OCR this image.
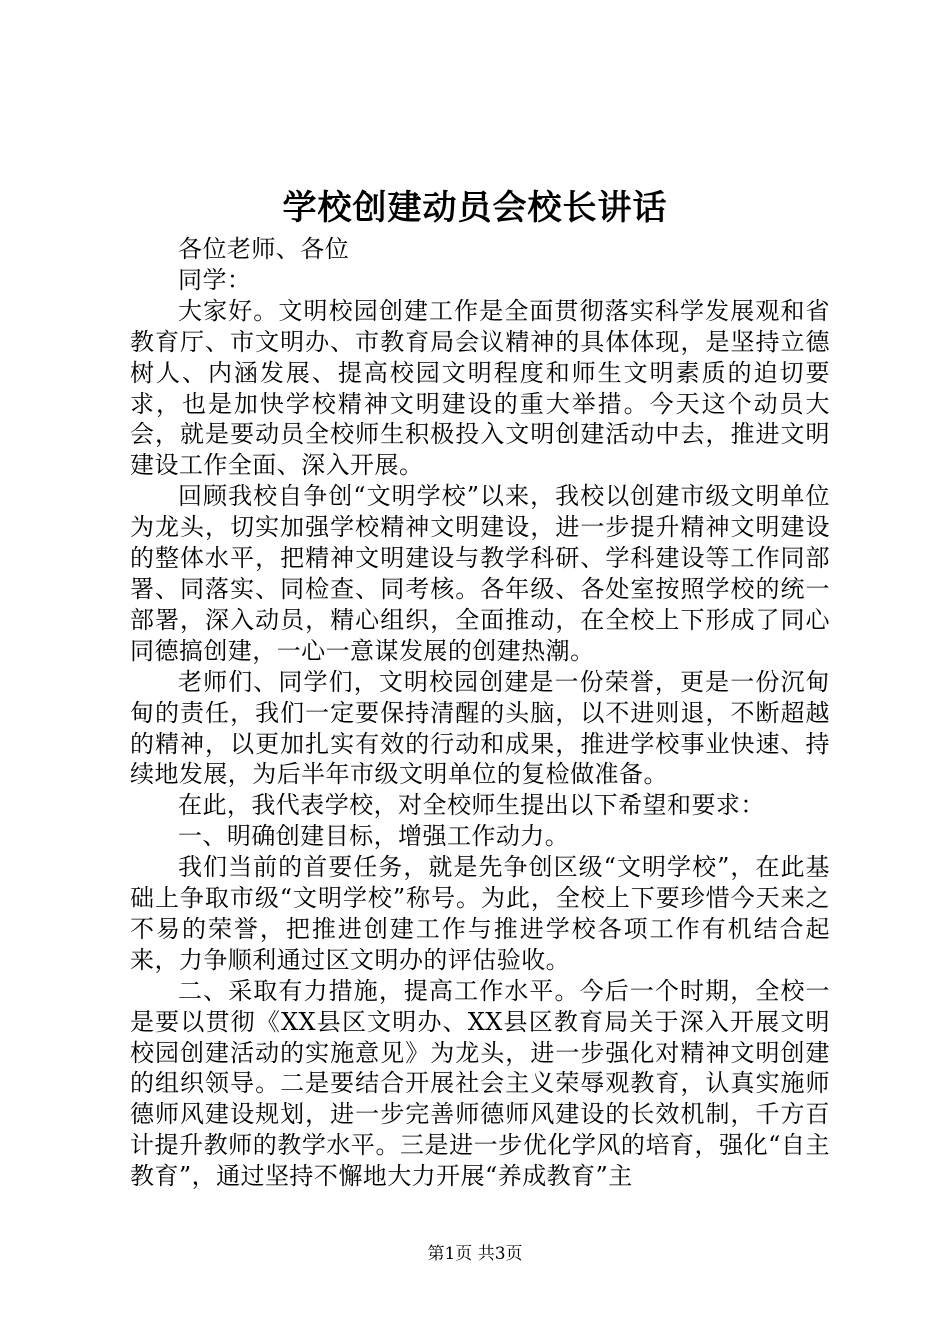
学校创建动员会校长讲话

各位老师、各位

同学：

大家好。文明校园创建工作是全面贯彻落实科学发展观和省教育厅、市文明办、市教育局会议精神的具体体现，是坚持立德树人、内涵发展、提高校园文明程度和师生文明素质的迫切要求，也是加快学校精神文明建设的重大举措。今天这个动员大会，就是要动员全校师生积极投入文明创建活动中去，推进文明建设工作全面、深入开展。

回顾我校自争创“文明学校”以来，我校以创建市级文明单位为龙头，切实加强学校精神文明建设，进一步提升精神文明建设的整体水平，把精神文明建设与教学科研、学科建设等工作同部署、同落实、同检查、同考核。各年级、各处室按照学校的统一部署，深入动员，精心组织，全面推动，在全校上下形成了同心同德搞创建，一心一意谋发展的创建热潮。

老师们、同学们，文明校园创建是一份荣誉，更是一份沉甸甸的责任，我们一定要保持清醒的头脑，以不进则退，不断超越的精神，以更加扎实有效的行动和成果，推进学校事业快速、持续地发展，为后半年市级文明单位的复检做准备。

在此，我代表学校，对全校师生提出以下希望和要求：

一、明确创建目标，增强工作动力。

我们当前的首要任务，就是先争创区级“文明学校”，在此基础上争取市级“文明学校”称号。为此，全校上下要珍惜今天来之不易的荣誉，把推进创建工作与推进学校各项工作有机结合起来，力争顺利通过区文明办的评估验收。

二、采取有力措施，提高工作水平。今后一个时期，全校一是要以贯彻《XX县区文明办、XX县区教育局关于深入开展文明校园创建活动的实施意见》为龙头，进一步强化对精神文明创建的组织领导。二是要结合开展社会主义荣辱观教育，认真实施师德师风建设规划，进一步完善师德师风建设的长效机制，千方百计提升教师的教学水平。三是进一步优化学风的培育，强化“自主教育”，通过坚持不懈地大力开展“养成教育”主

第1页 共3页
